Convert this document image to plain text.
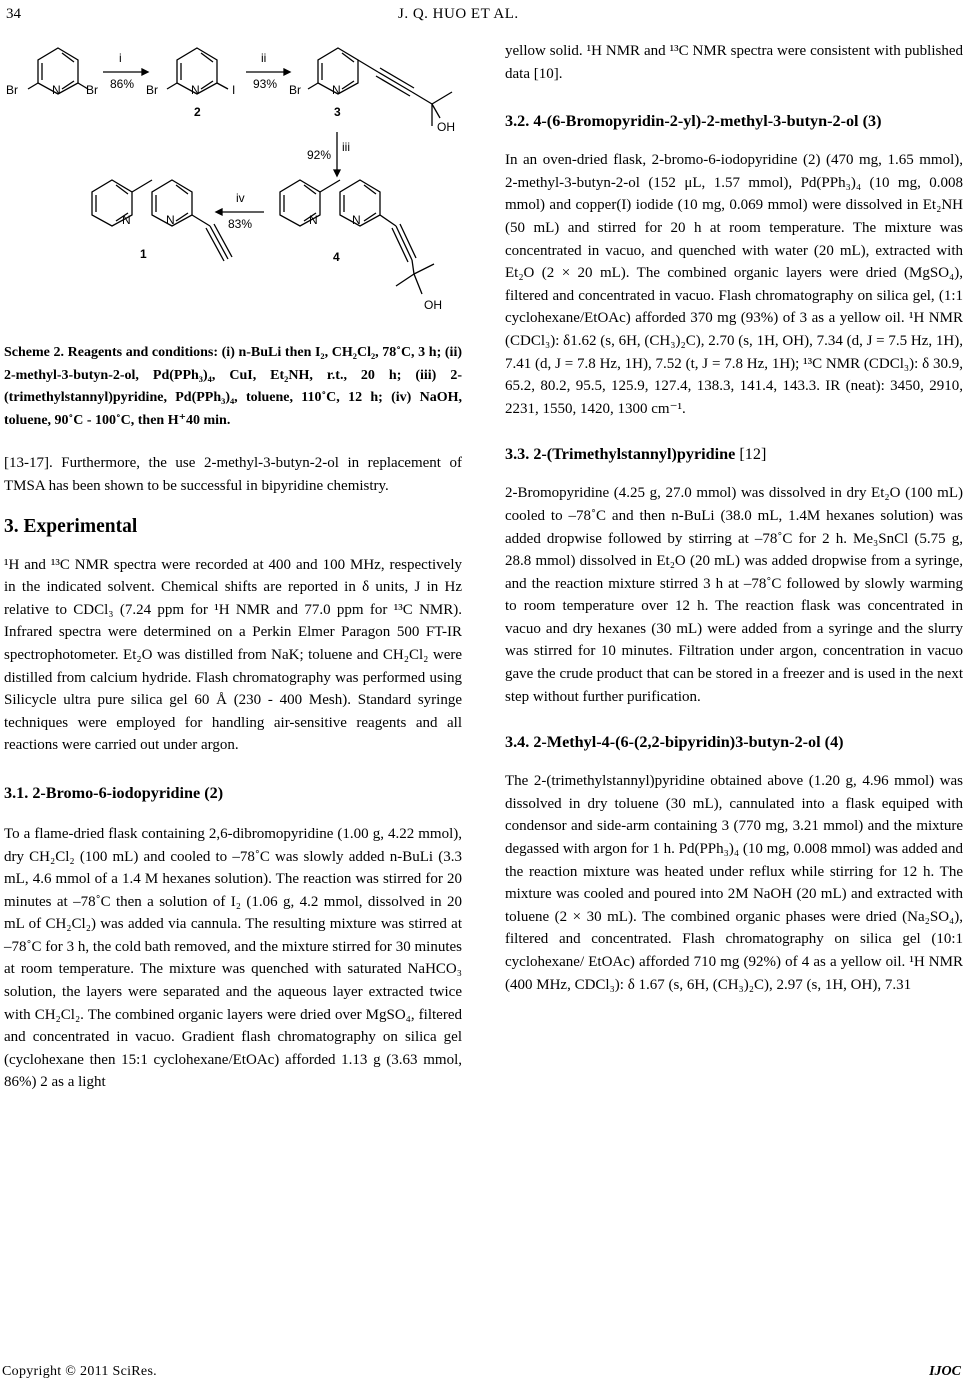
34	J. Q. HUO ET AL.
Br	N Br
i
86% Br	N	I
2
ii
93% Br	N
3
OH
92%
iii
N	N
1
iv
83%	N	N
4
OH

Scheme 2. Reagents and conditions: (i) n-BuLi then I₂, CH₂Cl₂, 78˚C, 3 h; (ii) 2-methyl-3-butyn-2-ol, Pd(PPh₃)₄, CuI, Et₂NH, r.t., 20 h; (iii) 2-(trimethylstannyl)pyridine, Pd(PPh₃)₄, toluene, 110˚C, 12 h; (iv) NaOH, toluene, 90˚C - 100˚C, then H⁺40 min.

[13-17]. Furthermore, the use 2-methyl-3-butyn-2-ol in replacement of TMSA has been shown to be successful in bipyridine chemistry.

3. Experimental

¹H and ¹³C NMR spectra were recorded at 400 and 100 MHz, respectively in the indicated solvent. Chemical shifts are reported in δ units, J in Hz relative to CDCl₃ (7.24 ppm for ¹H NMR and 77.0 ppm for ¹³C NMR). Infrared spectra were determined on a Perkin Elmer Paragon 500 FT-IR spectrophotometer. Et₂O was distilled from NaK; toluene and CH₂Cl₂ were distilled from calcium hydride. Flash chromatography was performed using Silicycle ultra pure silica gel 60 Å (230 - 400 Mesh). Standard syringe techniques were employed for handling air-sensitive reagents and all reactions were carried out under argon.

3.1. 2-Bromo-6-iodopyridine (2)

To a flame-dried flask containing 2,6-dibromopyridine (1.00 g, 4.22 mmol), dry CH₂Cl₂ (100 mL) and cooled to –78˚C was slowly added n-BuLi (3.3 mL, 4.6 mmol of a 1.4 M hexanes solution). The reaction was stirred for 20 minutes at –78˚C then a solution of I₂ (1.06 g, 4.2 mmol, dissolved in 20 mL of CH₂Cl₂) was added via cannula. The resulting mixture was stirred at –78˚C for 3 h, the cold bath removed, and the mixture stirred for 30 minutes at room temperature. The mixture was quenched with saturated NaHCO₃ solution, the layers were separated and the aqueous layer extracted twice with CH₂Cl₂. The combined organic layers were dried over MgSO₄, filtered and concentrated in vacuo. Gradient flash chromatography on silica gel (cyclohexane then 15:1 cyclohexane/EtOAc) afforded 1.13 g (3.63 mmol, 86%) 2 as a light

yellow solid. ¹H NMR and ¹³C NMR spectra were consistent with published data [10].

3.2. 4-(6-Bromopyridin-2-yl)-2-methyl-3-butyn-2-ol (3)

In an oven-dried flask, 2-bromo-6-iodopyridine (2) (470 mg, 1.65 mmol), 2-methyl-3-butyn-2-ol (152 μL, 1.57 mmol), Pd(PPh₃)₄ (10 mg, 0.008 mmol) and copper(I) iodide (10 mg, 0.069 mmol) were dissolved in Et₂NH (50 mL) and stirred for 20 h at room temperature. The mixture was concentrated in vacuo, and quenched with water (20 mL), extracted with Et₂O (2 × 20 mL). The combined organic layers were dried (MgSO₄), filtered and concentrated in vacuo. Flash chromatography on silica gel, (1:1 cyclohexane/EtOAc) afforded 370 mg (93%) of 3 as a yellow oil. ¹H NMR (CDCl₃): δ1.62 (s, 6H, (CH₃)₂C), 2.70 (s, 1H, OH), 7.34 (d, J = 7.5 Hz, 1H), 7.41 (d, J = 7.8 Hz, 1H), 7.52 (t, J = 7.8 Hz, 1H); ¹³C NMR (CDCl₃): δ 30.9, 65.2, 80.2, 95.5, 125.9, 127.4, 138.3, 141.4, 143.3. IR (neat): 3450, 2910, 2231, 1550, 1420, 1300 cm⁻¹.

3.3. 2-(Trimethylstannyl)pyridine [12]

2-Bromopyridine (4.25 g, 27.0 mmol) was dissolved in dry Et₂O (100 mL) cooled to –78˚C and then n-BuLi (38.0 mL, 1.4M hexanes solution) was added dropwise followed by stirring at –78˚C for 2 h. Me₃SnCl (5.75 g, 28.8 mmol) dissolved in Et₂O (20 mL) was added dropwise from a syringe, and the reaction mixture stirred 3 h at –78˚C followed by slowly warming to room temperature over 12 h. The reaction flask was concentrated in vacuo and dry hexanes (30 mL) were added from a syringe and the slurry was stirred for 10 minutes. Filtration under argon, concentration in vacuo gave the crude product that can be stored in a freezer and is used in the next step without further purification.

3.4. 2-Methyl-4-(6-(2,2-bipyridin)3-butyn-2-ol (4)

The 2-(trimethylstannyl)pyridine obtained above (1.20 g, 4.96 mmol) was dissolved in dry toluene (30 mL), cannulated into a flask equiped with condensor and side-arm containing 3 (770 mg, 3.21 mmol) and the mixture degassed with argon for 1 h. Pd(PPh₃)₄ (10 mg, 0.008 mmol) was added and the reaction mixture was heated under reflux while stirring for 12 h. The mixture was cooled and poured into 2M NaOH (20 mL) and extracted with toluene (2 × 30 mL). The combined organic phases were dried (Na₂SO₄), filtered and concentrated. Flash chromatography on silica gel (10:1 cyclohexane/ EtOAc) afforded 710 mg (92%) of 4 as a yellow oil. ¹H NMR (400 MHz, CDCl₃): δ 1.67 (s, 6H, (CH₃)₂C), 2.97 (s, 1H, OH), 7.31

Copyright © 2011 SciRes.	IJOC
